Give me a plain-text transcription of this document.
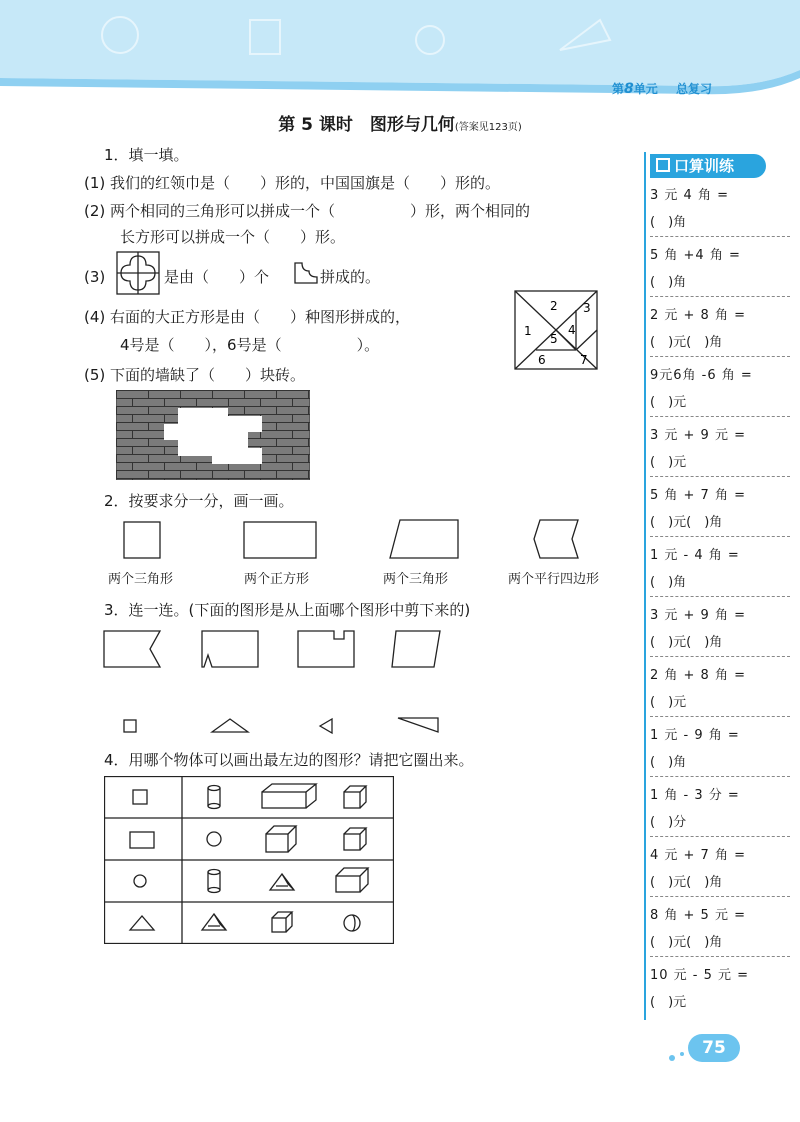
第8单元 总复习
第 5 课时　图形与几何(答案见123页)
1．填一填。
(1) 我们的红领巾是（　　）形的，中国国旗是（　　）形的。
(2) 两个相同的三角形可以拼成一个（　　　　　）形，两个相同的
长方形可以拼成一个（　　）形。
(3)	是由（　　）个	拼成的。
(4) 右面的大正方形是由（　　）种图形拼成的，
4号是（　　），6号是（　　　　　）。
1
2 3
4
5
6	7
(5) 下面的墙缺了（　　）块砖。
2．按要求分一分，画一画。
两个三角形	两个正方形	两个三角形	两个平行四边形
3．连一连。(下面的图形是从上面哪个图形中剪下来的)
4．用哪个物体可以画出最左边的图形？请把它圈出来。
口算训练
3 元 4 角 =
(　)角
5 角 +4 角 =
(　)角
2 元 + 8 角 =
(　)元(　)角
9元6角 -6 角 =
(　)元
3 元 + 9 元 =
(　)元
5 角 + 7 角 =
(　)元(　)角
1 元 - 4 角 =
(　)角
3 元 + 9 角 =
(　)元(　)角
2 角 + 8 角 =
(　)元
1 元 - 9 角 =
(　)角
1 角 - 3 分 =
(　)分
4 元 + 7 角 =
(　)元(　)角
8 角 + 5 元 =
(　)元(　)角
10 元 - 5 元 =
(　)元
75
